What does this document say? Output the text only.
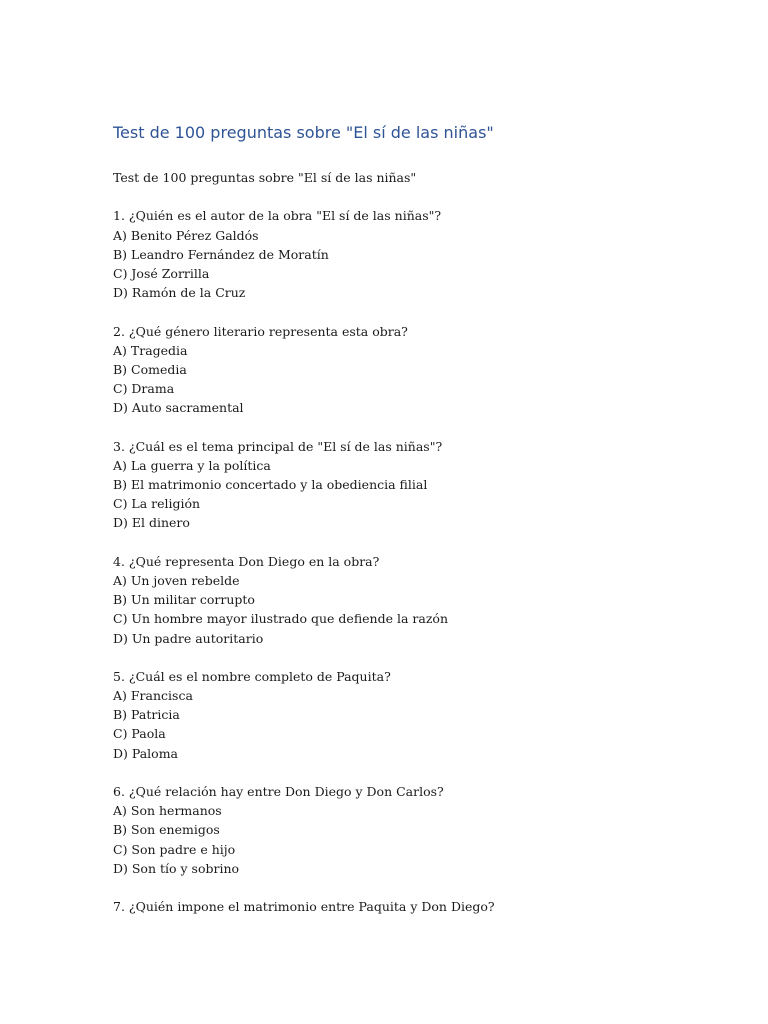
Test de 100 preguntas sobre "El sí de las niñas"
Test de 100 preguntas sobre "El sí de las niñas"
1. ¿Quién es el autor de la obra "El sí de las niñas"?
A) Benito Pérez Galdós
B) Leandro Fernández de Moratín
C) José Zorrilla
D) Ramón de la Cruz
2. ¿Qué género literario representa esta obra?
A) Tragedia
B) Comedia
C) Drama
D) Auto sacramental
3. ¿Cuál es el tema principal de "El sí de las niñas"?
A) La guerra y la política
B) El matrimonio concertado y la obediencia filial
C) La religión
D) El dinero
4. ¿Qué representa Don Diego en la obra?
A) Un joven rebelde
B) Un militar corrupto
C) Un hombre mayor ilustrado que defiende la razón
D) Un padre autoritario
5. ¿Cuál es el nombre completo de Paquita?
A) Francisca
B) Patricia
C) Paola
D) Paloma
6. ¿Qué relación hay entre Don Diego y Don Carlos?
A) Son hermanos
B) Son enemigos
C) Son padre e hijo
D) Son tío y sobrino
7. ¿Quién impone el matrimonio entre Paquita y Don Diego?
